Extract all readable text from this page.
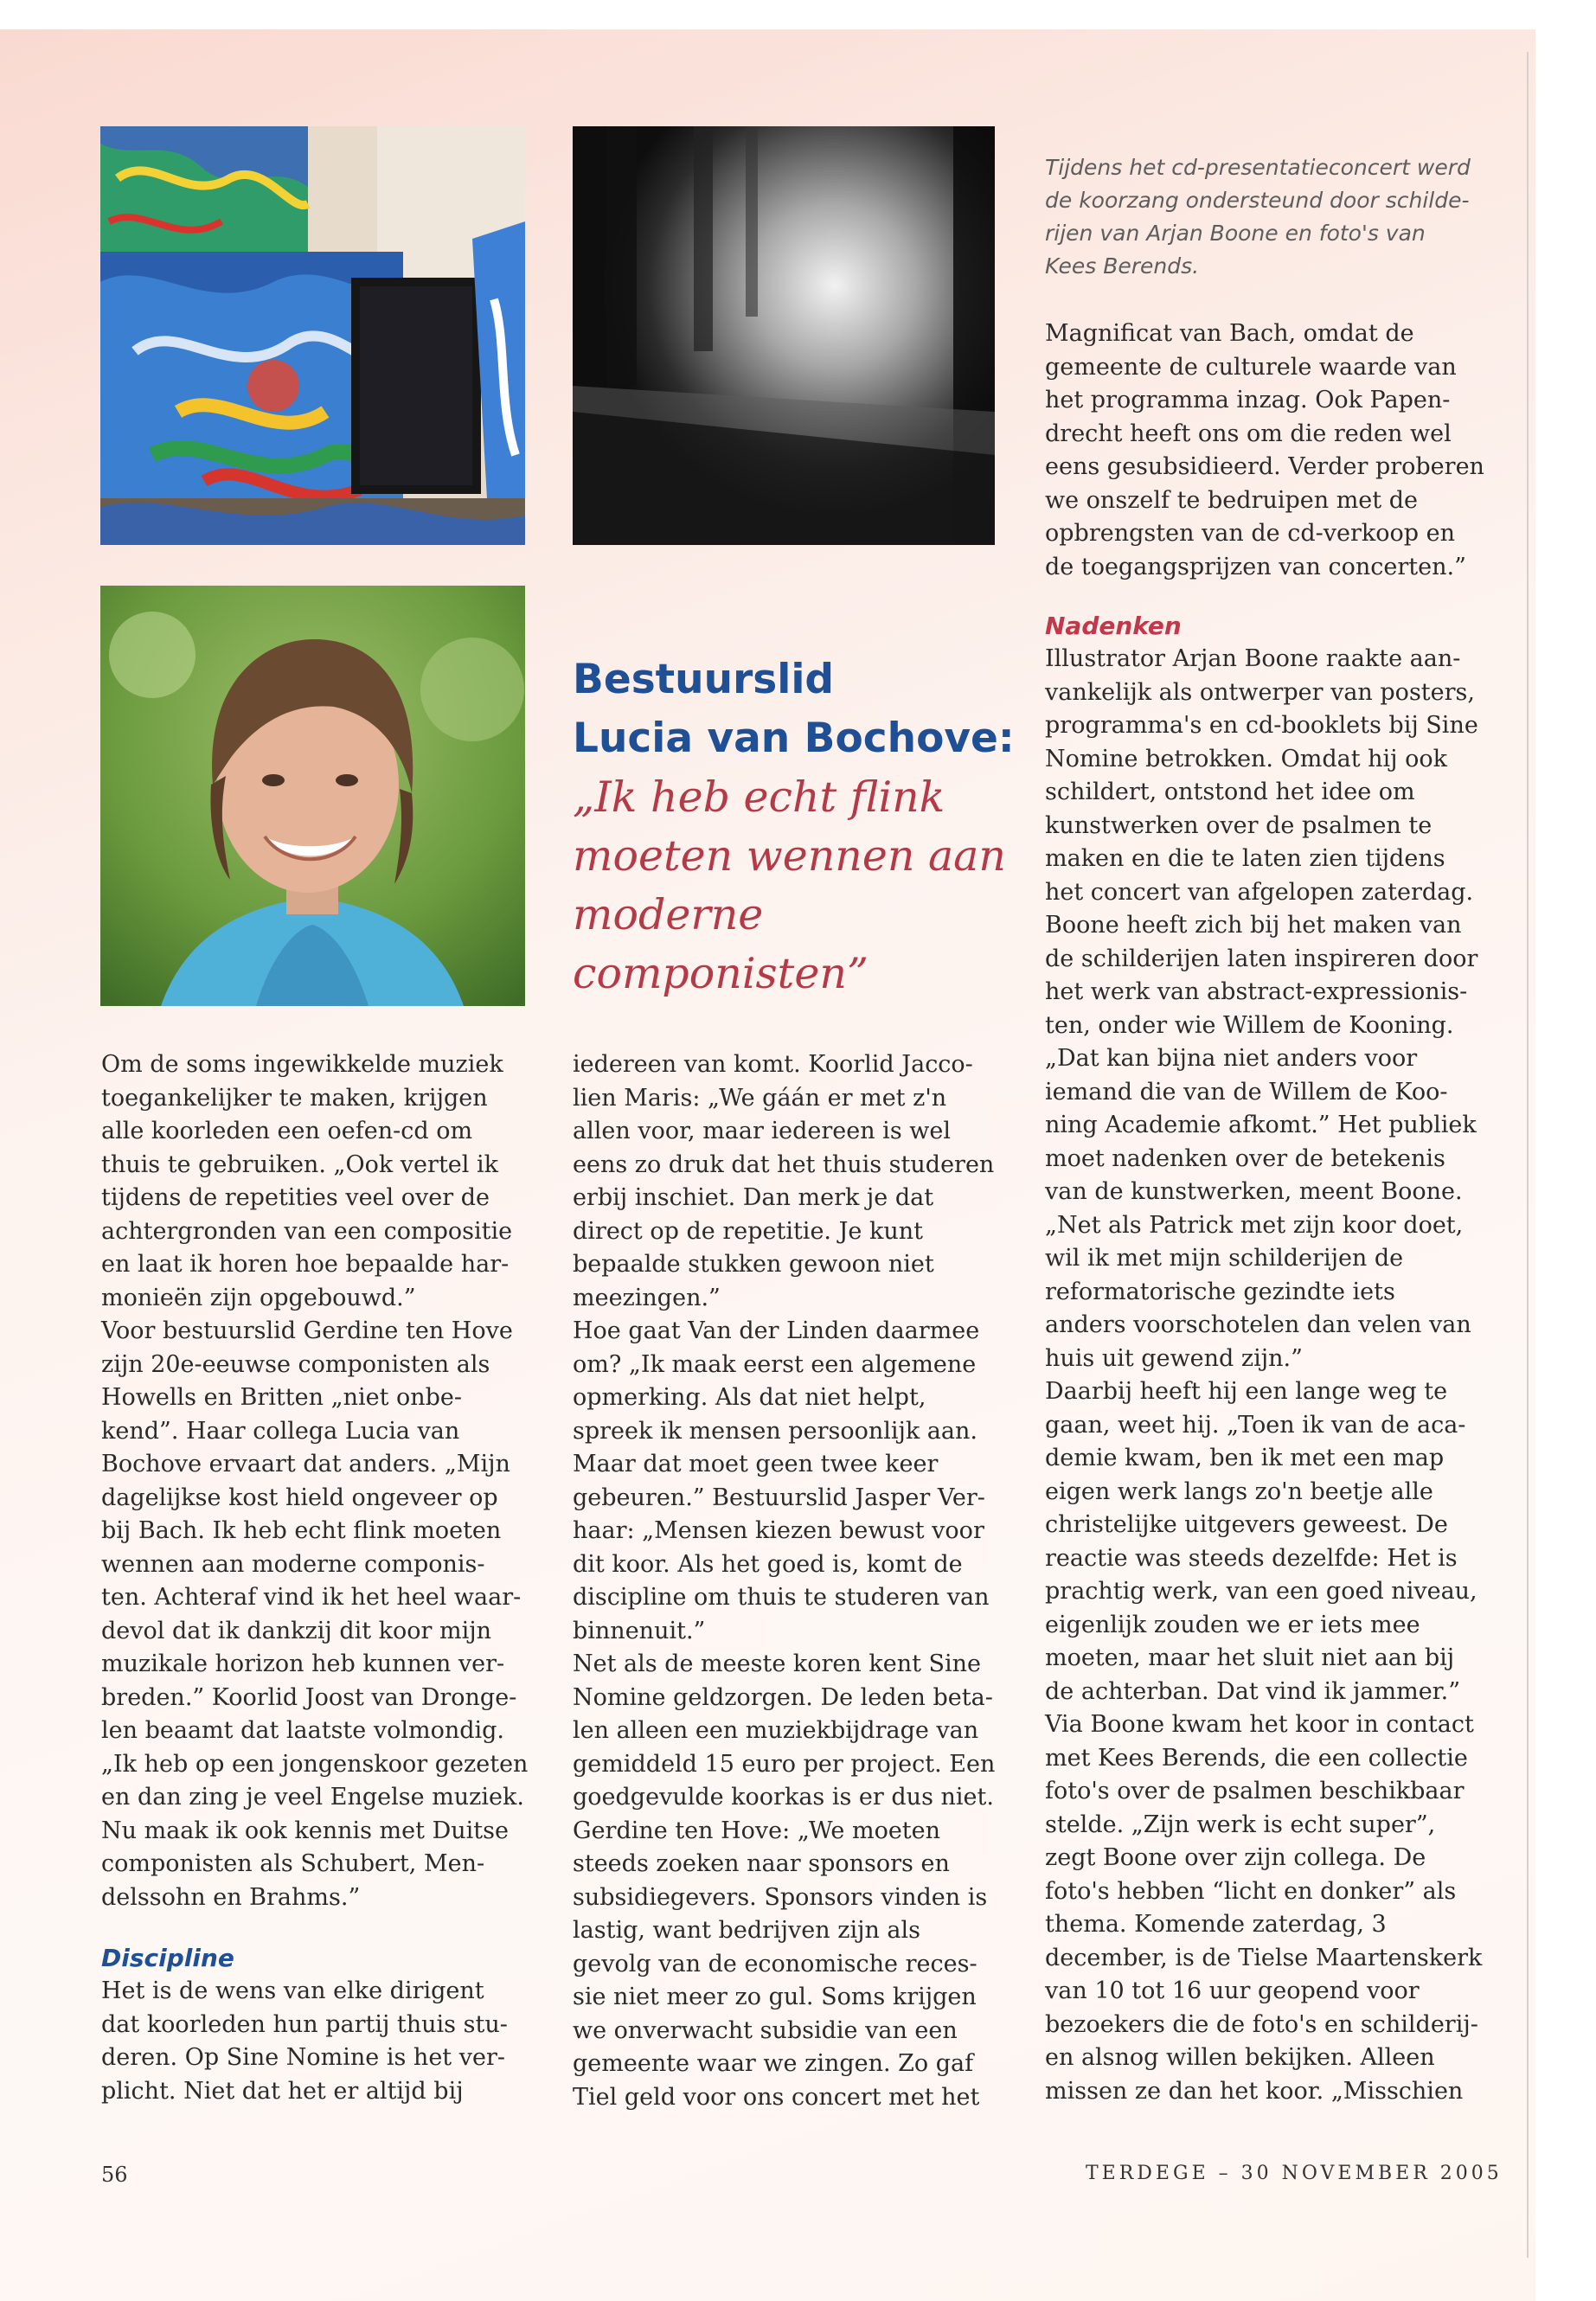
Tijdens het cd-presentatieconcert werd
de koorzang ondersteund door schilde-
rijen van Arjan Boone en foto's van
Kees Berends.
Bestuurslid
Lucia van Bochove:
„Ik heb echt flink
moeten wennen aan
moderne
componisten”

Om de soms ingewikkelde muziek
toegankelijker te maken, krijgen
alle koorleden een oefen-cd om
thuis te gebruiken. „Ook vertel ik
tijdens de repetities veel over de
achtergronden van een compositie
en laat ik horen hoe bepaalde har-
monieën zijn opgebouwd.”
Voor bestuurslid Gerdine ten Hove
zijn 20e-eeuwse componisten als
Howells en Britten „niet onbe-
kend”. Haar collega Lucia van
Bochove ervaart dat anders. „Mijn
dagelijkse kost hield ongeveer op
bij Bach. Ik heb echt flink moeten
wennen aan moderne componis-
ten. Achteraf vind ik het heel waar-
devol dat ik dankzij dit koor mijn
muzikale horizon heb kunnen ver-
breden.” Koorlid Joost van Dronge-
len beaamt dat laatste volmondig.
„Ik heb op een jongenskoor gezeten
en dan zing je veel Engelse muziek.
Nu maak ik ook kennis met Duitse
componisten als Schubert, Men-
delssohn en Brahms.”

Discipline

Het is de wens van elke dirigent
dat koorleden hun partij thuis stu-
deren. Op Sine Nomine is het ver-
plicht. Niet dat het er altijd bij

iedereen van komt. Koorlid Jacco-
lien Maris: „We gáán er met z'n
allen voor, maar iedereen is wel
eens zo druk dat het thuis studeren
erbij inschiet. Dan merk je dat
direct op de repetitie. Je kunt
bepaalde stukken gewoon niet
meezingen.”
Hoe gaat Van der Linden daarmee
om? „Ik maak eerst een algemene
opmerking. Als dat niet helpt,
spreek ik mensen persoonlijk aan.
Maar dat moet geen twee keer
gebeuren.” Bestuurslid Jasper Ver-
haar: „Mensen kiezen bewust voor
dit koor. Als het goed is, komt de
discipline om thuis te studeren van
binnenuit.”
Net als de meeste koren kent Sine
Nomine geldzorgen. De leden beta-
len alleen een muziekbijdrage van
gemiddeld 15 euro per project. Een
goedgevulde koorkas is er dus niet.
Gerdine ten Hove: „We moeten
steeds zoeken naar sponsors en
subsidiegevers. Sponsors vinden is
lastig, want bedrijven zijn als
gevolg van de economische reces-
sie niet meer zo gul. Soms krijgen
we onverwacht subsidie van een
gemeente waar we zingen. Zo gaf
Tiel geld voor ons concert met het

Magnificat van Bach, omdat de
gemeente de culturele waarde van
het programma inzag. Ook Papen-
drecht heeft ons om die reden wel
eens gesubsidieerd. Verder proberen
we onszelf te bedruipen met de
opbrengsten van de cd-verkoop en
de toegangsprijzen van concerten.”

Nadenken

Illustrator Arjan Boone raakte aan-
vankelijk als ontwerper van posters,
programma's en cd-booklets bij Sine
Nomine betrokken. Omdat hij ook
schildert, ontstond het idee om
kunstwerken over de psalmen te
maken en die te laten zien tijdens
het concert van afgelopen zaterdag.
Boone heeft zich bij het maken van
de schilderijen laten inspireren door
het werk van abstract-expressionis-
ten, onder wie Willem de Kooning.
„Dat kan bijna niet anders voor
iemand die van de Willem de Koo-
ning Academie afkomt.” Het publiek
moet nadenken over de betekenis
van de kunstwerken, meent Boone.
„Net als Patrick met zijn koor doet,
wil ik met mijn schilderijen de
reformatorische gezindte iets
anders voorschotelen dan velen van
huis uit gewend zijn.”
Daarbij heeft hij een lange weg te
gaan, weet hij. „Toen ik van de aca-
demie kwam, ben ik met een map
eigen werk langs zo'n beetje alle
christelijke uitgevers geweest. De
reactie was steeds dezelfde: Het is
prachtig werk, van een goed niveau,
eigenlijk zouden we er iets mee
moeten, maar het sluit niet aan bij
de achterban. Dat vind ik jammer.”
Via Boone kwam het koor in contact
met Kees Berends, die een collectie
foto's over de psalmen beschikbaar
stelde. „Zijn werk is echt super”,
zegt Boone over zijn collega. De
foto's hebben “licht en donker” als
thema. Komende zaterdag, 3
december, is de Tielse Maartenskerk
van 10 tot 16 uur geopend voor
bezoekers die de foto's en schilderij-
en alsnog willen bekijken. Alleen
missen ze dan het koor. „Misschien

56	TERDEGE – 30 NOVEMBER 2005
